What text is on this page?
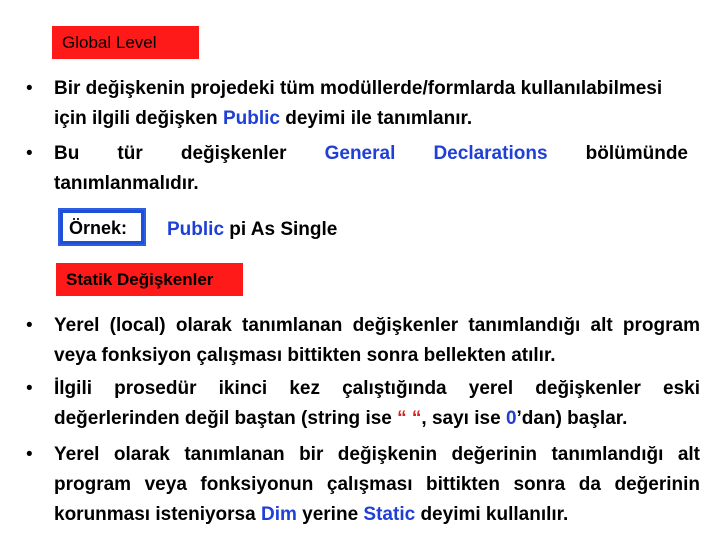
Global Level
• Bir değişkenin projedeki tüm modüllerde/formlarda kullanılabilmesi için ilgili değişken Public deyimi ile tanımlanır.
• Bu tür değişkenler General Declarations bölümünde tanımlanmalıdır.
Örnek:	Public pi As Single
Statik Değişkenler
• Yerel (local) olarak tanımlanan değişkenler tanımlandığı alt program veya fonksiyon çalışması bittikten sonra bellekten atılır.
• İlgili prosedür ikinci kez çalıştığında yerel değişkenler eski değerlerinden değil baştan (string ise “ “, sayı ise 0’dan) başlar.
• Yerel olarak tanımlanan bir değişkenin değerinin tanımlandığı alt program veya fonksiyonun çalışması bittikten sonra da değerinin korunması isteniyorsa Dim yerine Static deyimi kullanılır.
